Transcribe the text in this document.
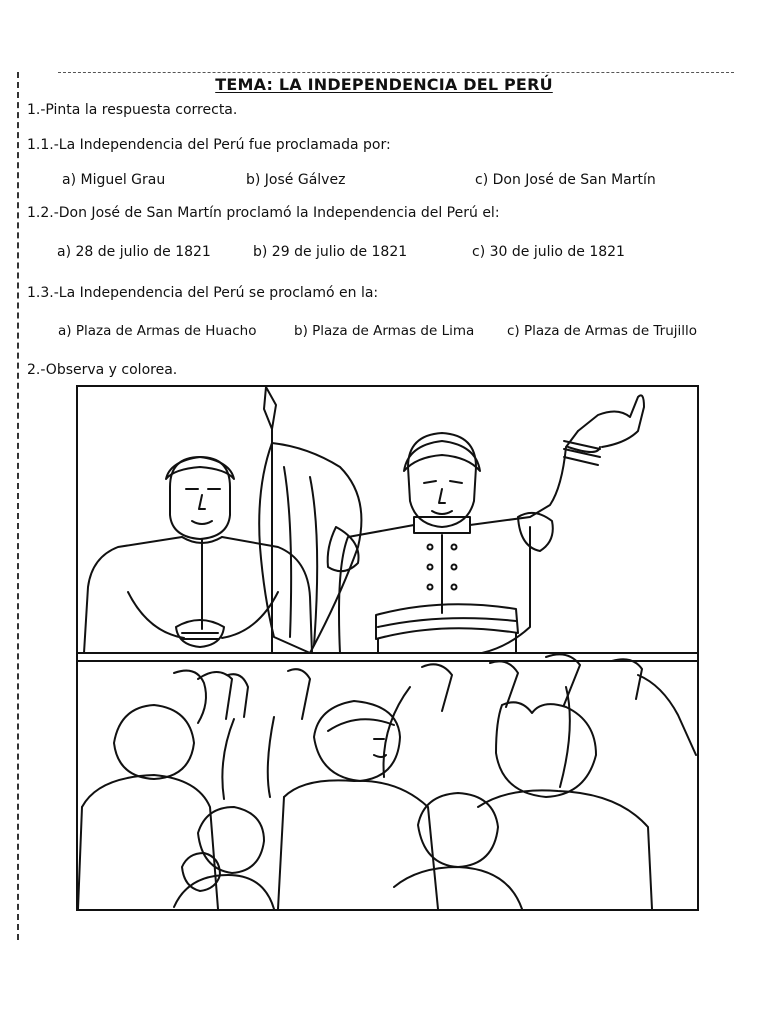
TEMA: LA INDEPENDENCIA DEL PERÚ
1.-Pinta la respuesta correcta.
1.1.-La Independencia del Perú fue proclamada por:
a) Miguel Grau	b) José Gálvez	c) Don José de San Martín
1.2.-Don José de San Martín proclamó la Independencia del Perú el:
a) 28 de julio de 1821	b) 29 de julio de 1821	c) 30 de julio de 1821
1.3.-La Independencia del Perú se proclamó en la:
a) Plaza de Armas de Huacho	b) Plaza de Armas de Lima c) Plaza de Armas de Trujillo
2.-Observa y colorea.
